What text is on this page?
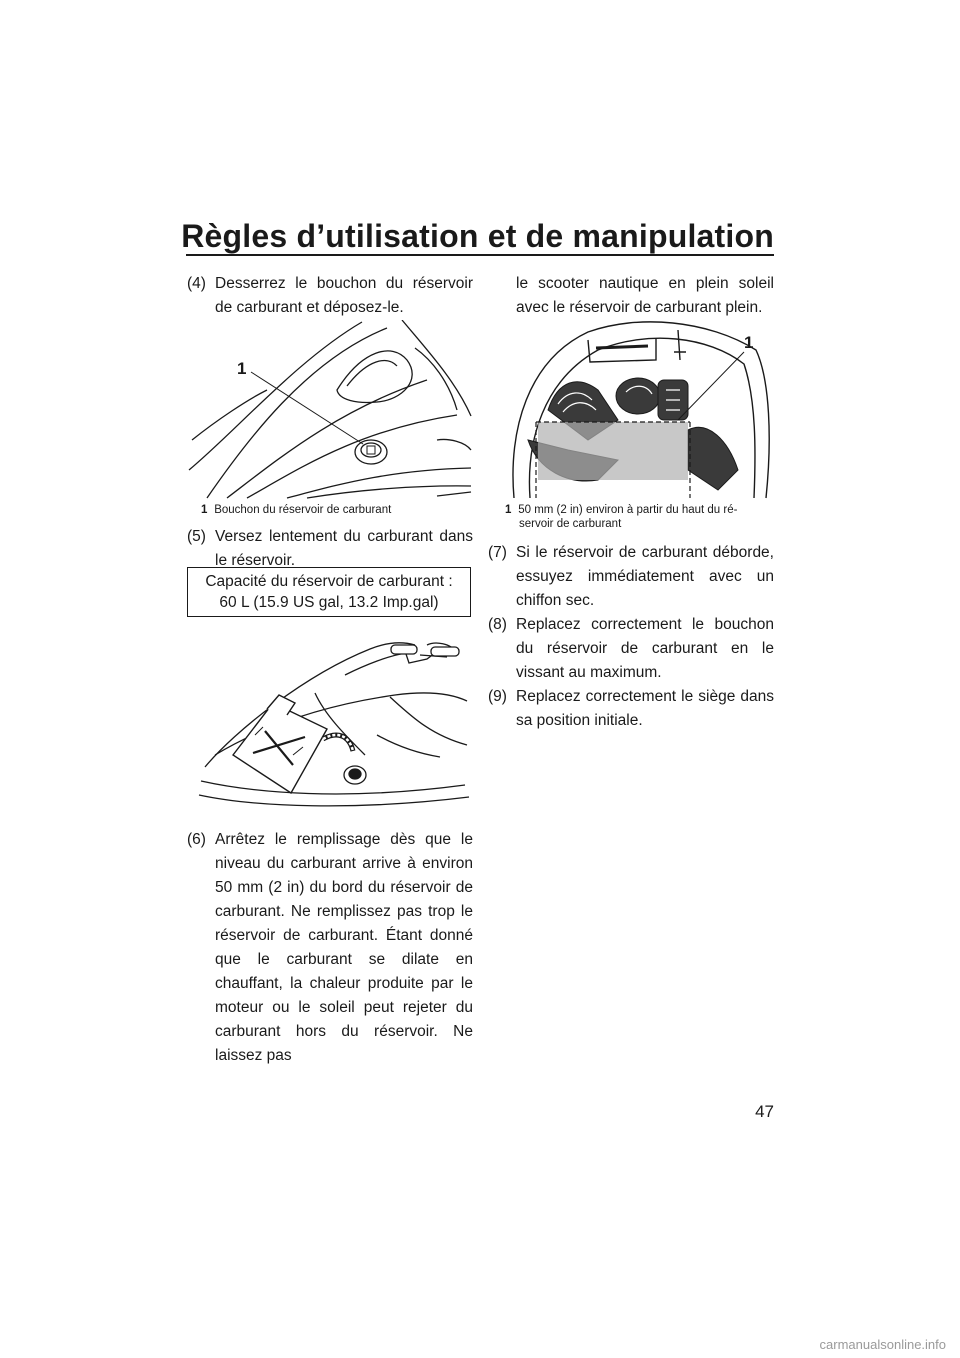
Règles d’utilisation et de manipulation
(4) Desserrez le bouchon du réservoir de carburant et déposez-le.
1
1 Bouchon du réservoir de carburant
(5) Versez lentement du carburant dans le réservoir.
Capacité du réservoir de carburant :
60 L (15.9 US gal, 13.2 Imp.gal)
(6) Arrêtez le remplissage dès que le niveau du carburant arrive à environ 50 mm (2 in) du bord du réservoir de carburant. Ne remplissez pas trop le réservoir de carburant. Étant donné que le carburant se dilate en chauffant, la chaleur produite par le moteur ou le soleil peut rejeter du carburant hors du réservoir. Ne laissez pas
le scooter nautique en plein soleil avec le réservoir de carburant plein.
1
1 50 mm (2 in) environ à partir du haut du ré-
servoir de carburant
(7) Si le réservoir de carburant déborde, essuyez immédiatement avec un chiffon sec.
(8) Replacez correctement le bouchon du réservoir de carburant en le vissant au maximum.
(9) Replacez correctement le siège dans sa position initiale.
47
carmanualsonline.info
